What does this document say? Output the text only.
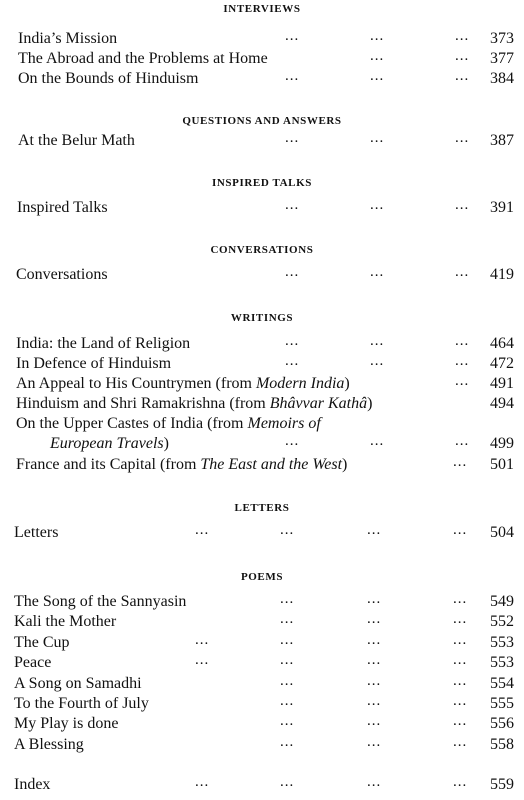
INTERVIEWS
India’s Mission	...	...	... 373
The Abroad and the Problems at Home	...	... 377
On the Bounds of Hinduism	...	...	... 384
QUESTIONS AND ANSWERS
At the Belur Math	...	...	... 387
INSPIRED TALKS
Inspired Talks	...	...	... 391
CONVERSATIONS
Conversations	...	...	... 419
WRITINGS
India: the Land of Religion	...	...	... 464
In Defence of Hinduism	...	...	... 472
An Appeal to His Countrymen (from Modern India)	... 491
Hinduism and Shri Ramakrishna (from Bhâvvar Kathâ)	494
On the Upper Castes of India (from Memoirs of
European Travels)	...	...	... 499
France and its Capital (from The East and the West)	... 501
LETTERS
Letters	...	...	...	... 504
POEMS
The Song of the Sannyasin	...	...	... 549
Kali the Mother	...	...	... 552
The Cup	...	...	...	... 553
Peace	...	...	...	... 553
A Song on Samadhi	...	...	... 554
To the Fourth of July	...	...	... 555
My Play is done	...	...	... 556
A Blessing	...	...	... 558
Index	...	...	...	... 559
